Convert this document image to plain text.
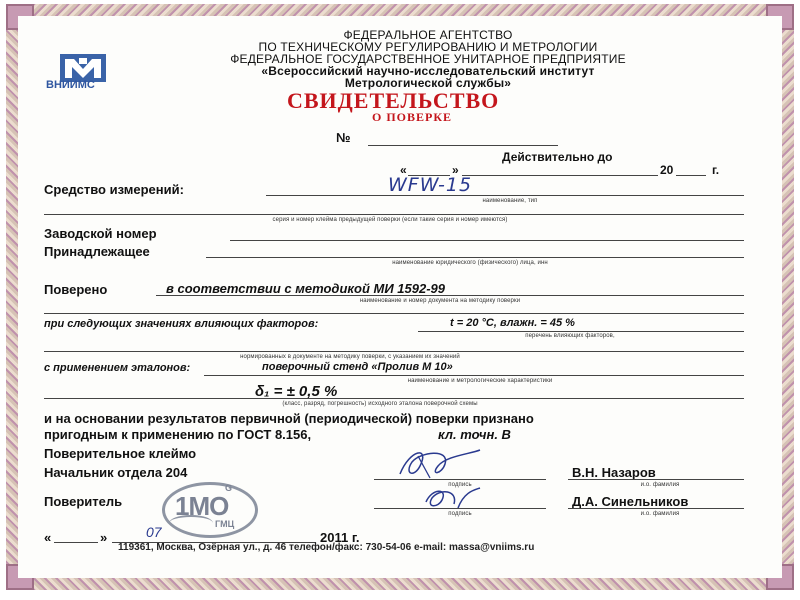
ВНИИМС
ФЕДЕРАЛЬНОЕ АГЕНТСТВО
ПО ТЕХНИЧЕСКОМУ РЕГУЛИРОВАНИЮ И МЕТРОЛОГИИ
ФЕДЕРАЛЬНОЕ ГОСУДАРСТВЕННОЕ УНИТАРНОЕ ПРЕДПРИЯТИЕ
«Всероссийский научно-исследовательский институт
Метрологической службы»
СВИДЕТЕЛЬСТВО
О ПОВЕРКЕ
№
Действительно до
«	»	20	г.
Средство измерений:	WFW-15
наименование, тип
серия и номер клейма предыдущей поверки (если такие серия и номер имеются)
Заводской номер
Принадлежащее
наименование юридического (физического) лица, инн
Поверено	в соответствии с методикой МИ 1592-99
наименование и номер документа на методику поверки
при следующих значениях влияющих факторов:	t = 20 °C, влажн. = 45 %
перечень влияющих факторов,
нормированных в документе на методику поверки, с указанием их значений
с применением эталонов:	поверочный стенд «Пролив М 10»
наименование и метрологические характеристики
δ₁ = ± 0,5 %
(класс, разряд, погрешность) исходного эталона поверочной схемы
и на основании результатов первичной (периодической) поверки признано
пригодным к применению по ГОСТ 8.156,	кл. точн. В
Поверительное клеймо
Начальник отдела 204
подпись
В.Н. Назаров
и.о. фамилия
Поверитель
подпись
Д.А. Синельников
и.о. фамилия
G
1МО
ГМЦ
«	»	07	2011 г.
119361, Москва, Озёрная ул., д. 46 телефон/факс: 730-54-06 e-mail: massa@vniims.ru
